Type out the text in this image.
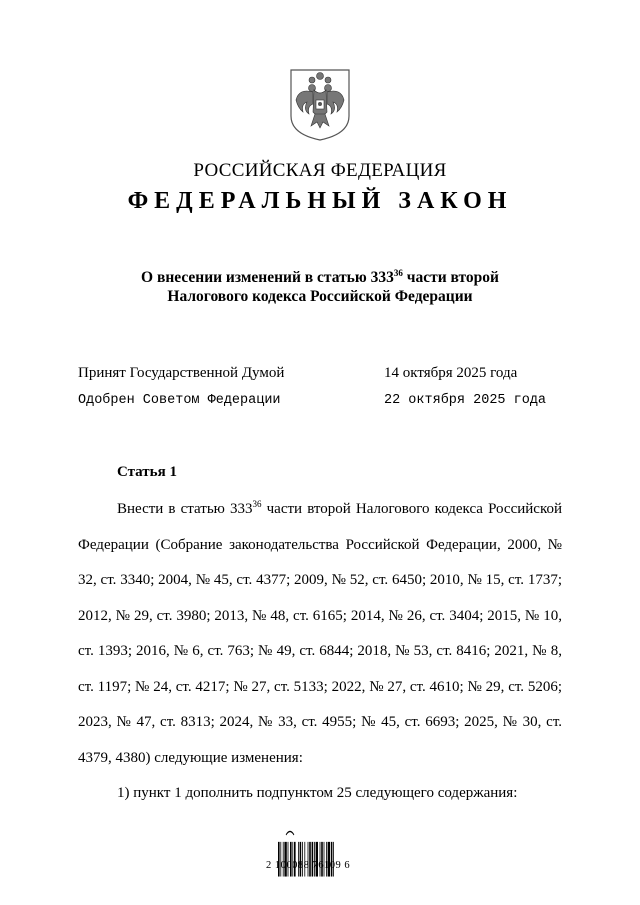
РОССИЙСКАЯ ФЕДЕРАЦИЯ
ФЕДЕРАЛЬНЫЙ ЗАКОН
О внесении изменений в статью $333^{36}$ части второй
Налогового кодекса Российской Федерации
Принят Государственной Думой	14 октября 2025 года
Одобрен Советом Федерации	22 октября 2025 года
Статья 1

Внести в статью $333^{36}$ части второй Налогового кодекса Российской Федерации (Собрание законодательства Российской Федерации, 2000, № 32, ст. 3340; 2004, № 45, ст. 4377; 2009, № 52, ст. 6450; 2010, № 15, ст. 1737; 2012, № 29, ст. 3980; 2013, № 48, ст. 6165; 2014, № 26, ст. 3404; 2015, № 10, ст. 1393; 2016, № 6, ст. 763; № 49, ст. 6844; 2018, № 53, ст. 8416; 2021, № 8, ст. 1197; № 24, ст. 4217; № 27, ст. 5133; 2022, № 27, ст. 4610; № 29, ст. 5206; 2023, № 47, ст. 8313; 2024, № 33, ст. 4955; № 45, ст. 6693; 2025, № 30, ст. 4379, 4380) следующие изменения:

1) пункт 1 дополнить подпунктом 25 следующего содержания:

2 100088 76109 6
